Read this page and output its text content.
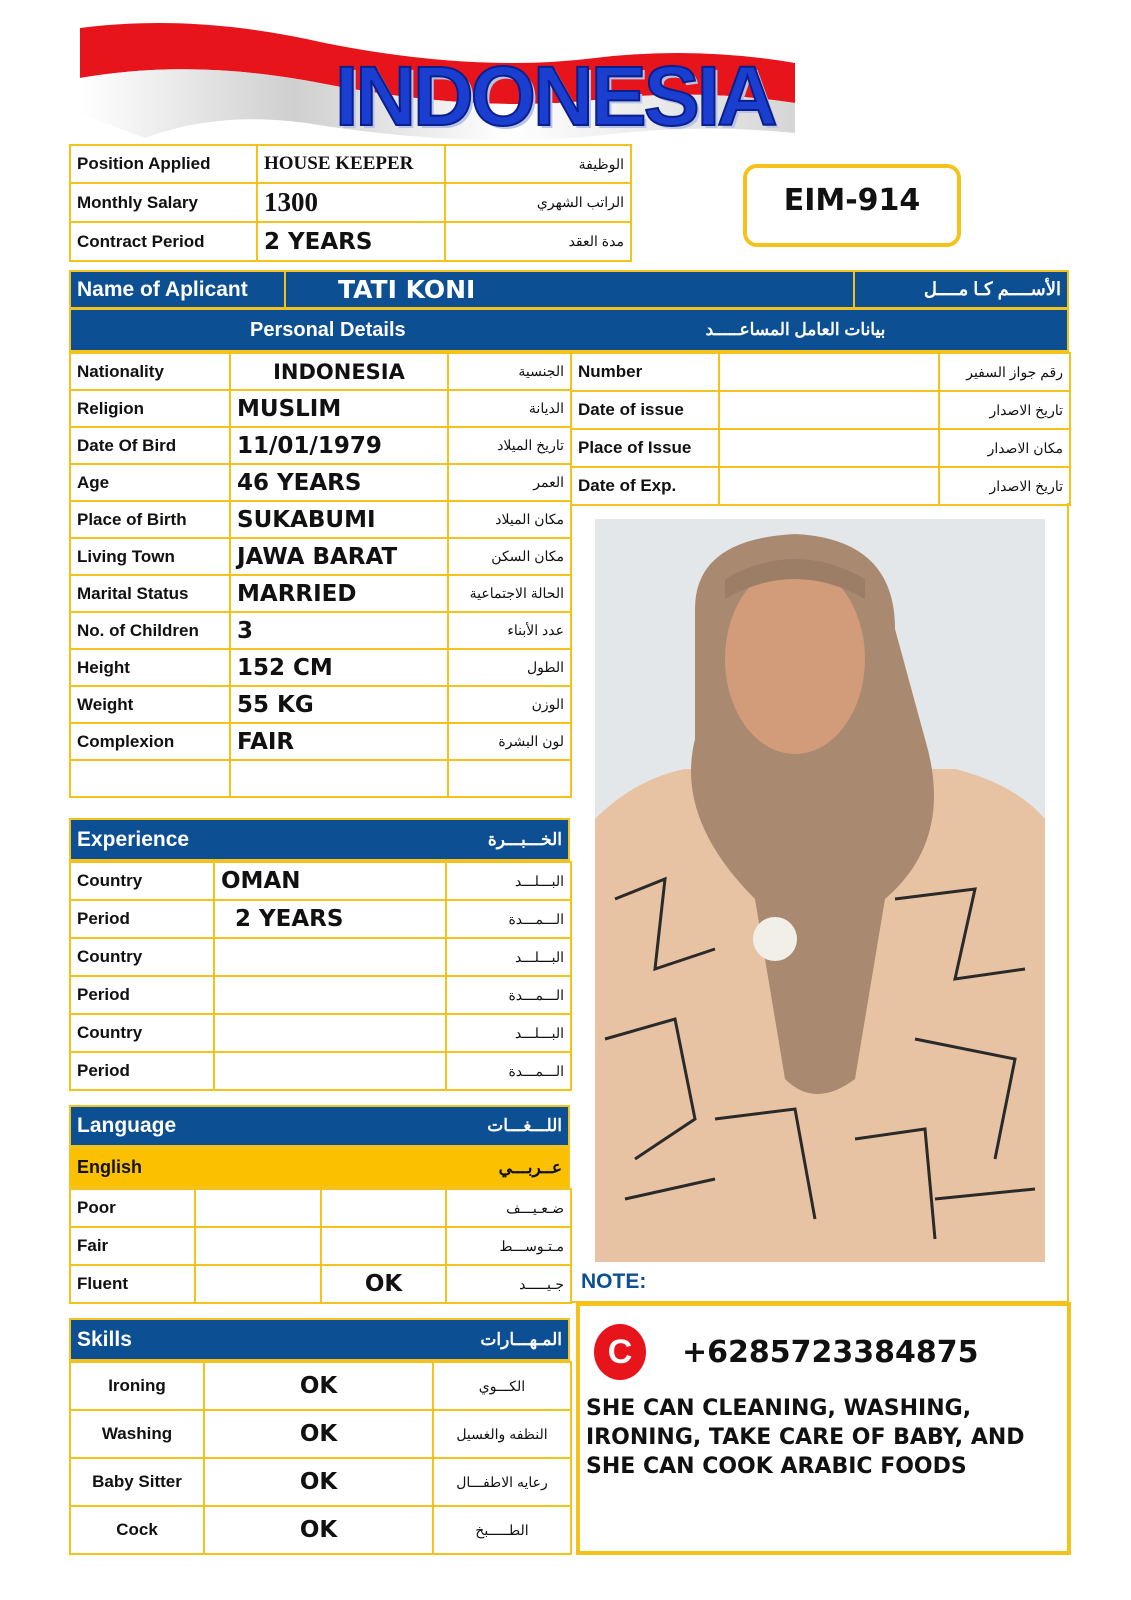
INDONESIA
Position Applied	HOUSE KEEPER	الوظيفة
Monthly Salary	1300	الراتب الشهري
Contract Period	2 YEARS	مدة العقد
EIM-914
Name of Aplicant	TATI KONI	الأســــم كـا مــــل
Personal Details	بيانات العامل المساعـــــد
Nationality	INDONESIA	الجنسية
Religion	MUSLIM	الديانة
Date Of Bird	11/01/1979	تاريخ الميلاد
Age	46 YEARS	العمر
Place of Birth	SUKABUMI	مكان الميلاد
Living Town	JAWA BARAT	مكان السكن
Marital Status	MARRIED	الحالة الاجتماعية
No. of Children	3	عدد الأبناء
Height	152 CM	الطول
Weight	55 KG	الوزن
Complexion	FAIR	لون البشرة

Number		رقم جواز السفير
Date of issue		تاريخ الاصدار
Place of Issue		مكان الاصدار
Date of Exp.		تاريخ الاصدار
Experience	الخـــبـــرة
Country	OMAN	البـــلـــد
Period	2 YEARS	الـــمـــدة
Country		البـــلـــد
Period		الـــمـــدة
Country		البـــلـــد
Period		الـــمـــدة
Language	اللـــغـــات
English	عــربـــي
Poor			ضـعـيـــف
Fair			مـتـوســـط
Fluent		OK	جـيـــــد
Skills	المـهـــارات
Ironing	OK	الكـــوي
Washing	OK	النظفه والغسيل
Baby Sitter	OK	رعايه الاطفـــال
Cock	OK	الطـــــبخ
NOTE:
C	+6285723384875
SHE CAN CLEANING, WASHING, IRONING, TAKE CARE OF BABY, AND SHE CAN COOK ARABIC FOODS
